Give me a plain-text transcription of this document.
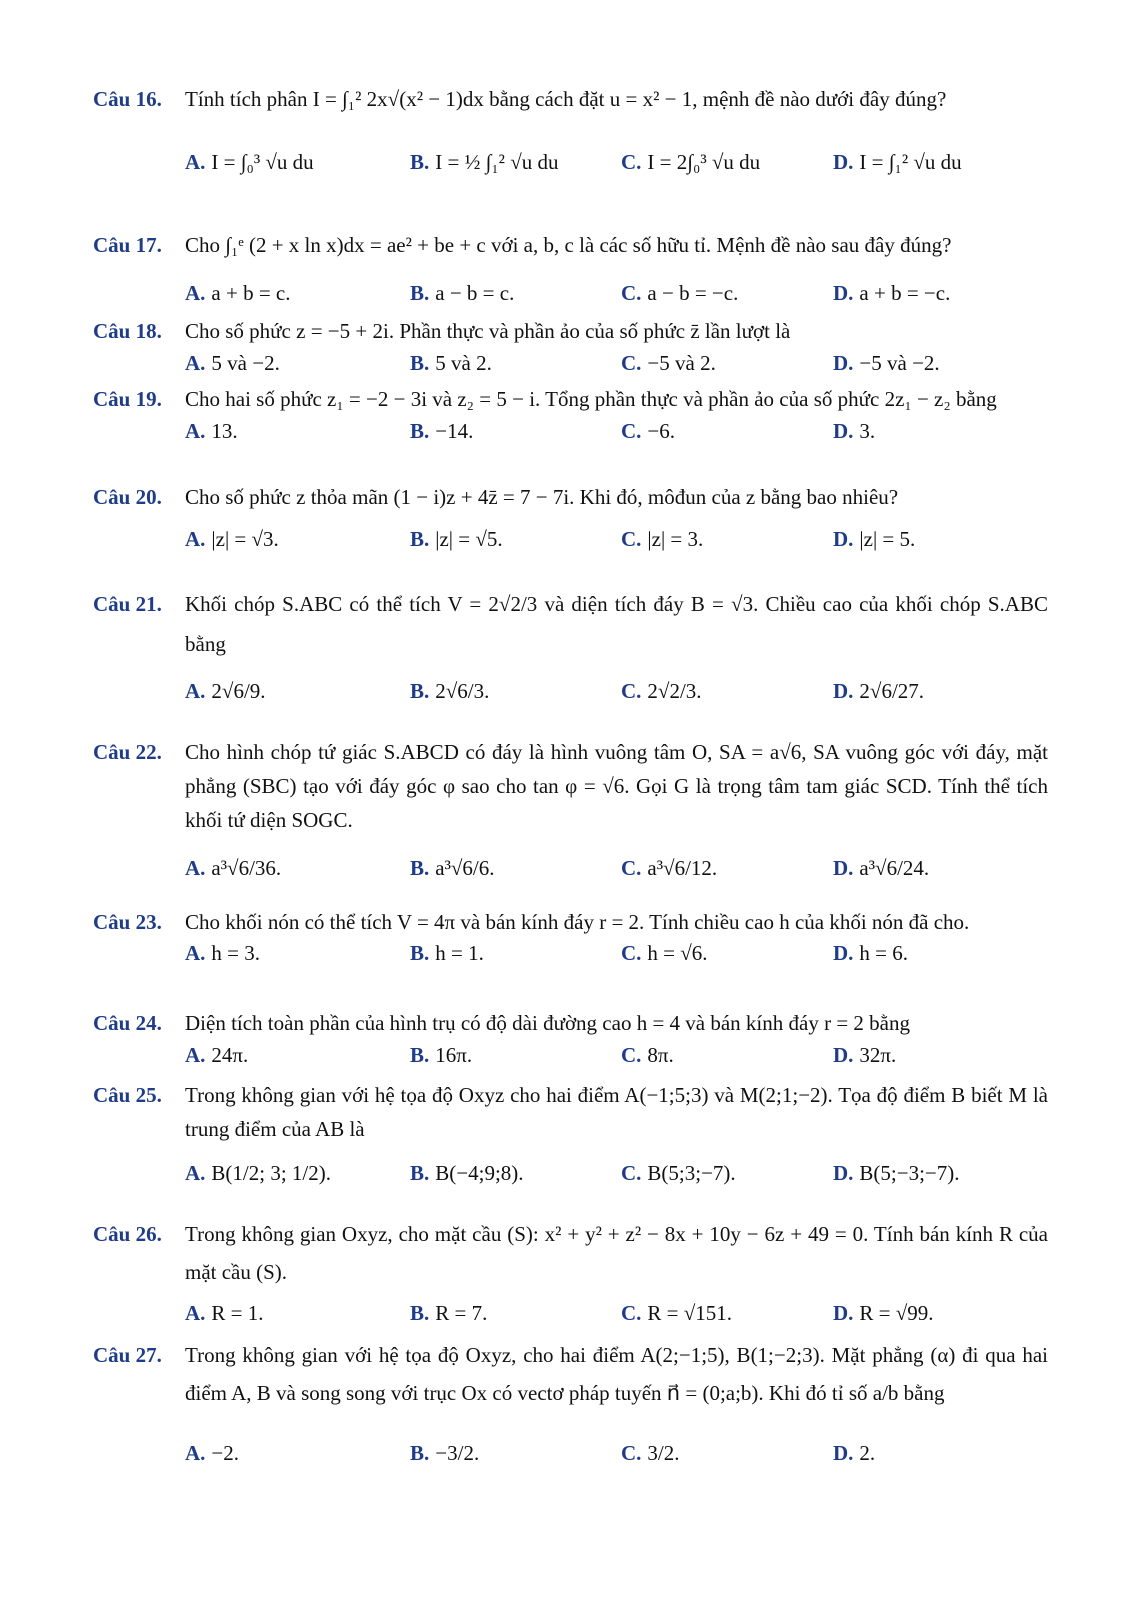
Câu 16. Tính tích phân I = ∫₁² 2x√(x² − 1)dx bằng cách đặt u = x² − 1, mệnh đề nào dưới đây đúng?
A. I = ∫₀³ √u du	B. I = ½ ∫₁² √u du	C. I = 2∫₀³ √u du	D. I = ∫₁² √u du
Câu 17. Cho ∫₁ᵉ (2 + x ln x)dx = ae² + be + c với a, b, c là các số hữu tỉ. Mệnh đề nào sau đây đúng?
A. a + b = c.	B. a − b = c.	C. a − b = −c.	D. a + b = −c.
Câu 18. Cho số phức z = −5 + 2i. Phần thực và phần ảo của số phức z̄ lần lượt là
A. 5 và −2.	B. 5 và 2.	C. −5 và 2.	D. −5 và −2.
Câu 19. Cho hai số phức z₁ = −2 − 3i và z₂ = 5 − i. Tổng phần thực và phần ảo của số phức 2z₁ − z₂ bằng
A. 13.	B. −14.	C. −6.	D. 3.
Câu 20. Cho số phức z thỏa mãn (1 − i)z + 4z̄ = 7 − 7i. Khi đó, môđun của z bằng bao nhiêu?
A. |z| = √3.	B. |z| = √5.	C. |z| = 3.	D. |z| = 5.
Câu 21. Khối chóp S.ABC có thể tích V = 2√2/3 và diện tích đáy B = √3. Chiều cao của khối chóp S.ABC bằng
A. 2√6/9.	B. 2√6/3.	C. 2√2/3.	D. 2√6/27.
Câu 22. Cho hình chóp tứ giác S.ABCD có đáy là hình vuông tâm O, SA = a√6, SA vuông góc với đáy, mặt phẳng (SBC) tạo với đáy góc φ sao cho tan φ = √6. Gọi G là trọng tâm tam giác SCD. Tính thể tích khối tứ diện SOGC.
A. a³√6/36.	B. a³√6/6.	C. a³√6/12.	D. a³√6/24.
Câu 23. Cho khối nón có thể tích V = 4π và bán kính đáy r = 2. Tính chiều cao h của khối nón đã cho.
A. h = 3.	B. h = 1.	C. h = √6.	D. h = 6.
Câu 24. Diện tích toàn phần của hình trụ có độ dài đường cao h = 4 và bán kính đáy r = 2 bằng
A. 24π.	B. 16π.	C. 8π.	D. 32π.
Câu 25. Trong không gian với hệ tọa độ Oxyz cho hai điểm A(−1;5;3) và M(2;1;−2). Tọa độ điểm B biết M là trung điểm của AB là
A. B(1/2; 3; 1/2).	B. B(−4;9;8).	C. B(5;3;−7).	D. B(5;−3;−7).
Câu 26. Trong không gian Oxyz, cho mặt cầu (S): x² + y² + z² − 8x + 10y − 6z + 49 = 0. Tính bán kính R của mặt cầu (S).
A. R = 1.	B. R = 7.	C. R = √151.	D. R = √99.
Câu 27. Trong không gian với hệ tọa độ Oxyz, cho hai điểm A(2;−1;5), B(1;−2;3). Mặt phẳng (α) đi qua hai điểm A, B và song song với trục Ox có vectơ pháp tuyến n⃗ = (0;a;b). Khi đó tỉ số a/b bằng
A. −2.	B. −3/2.	C. 3/2.	D. 2.
